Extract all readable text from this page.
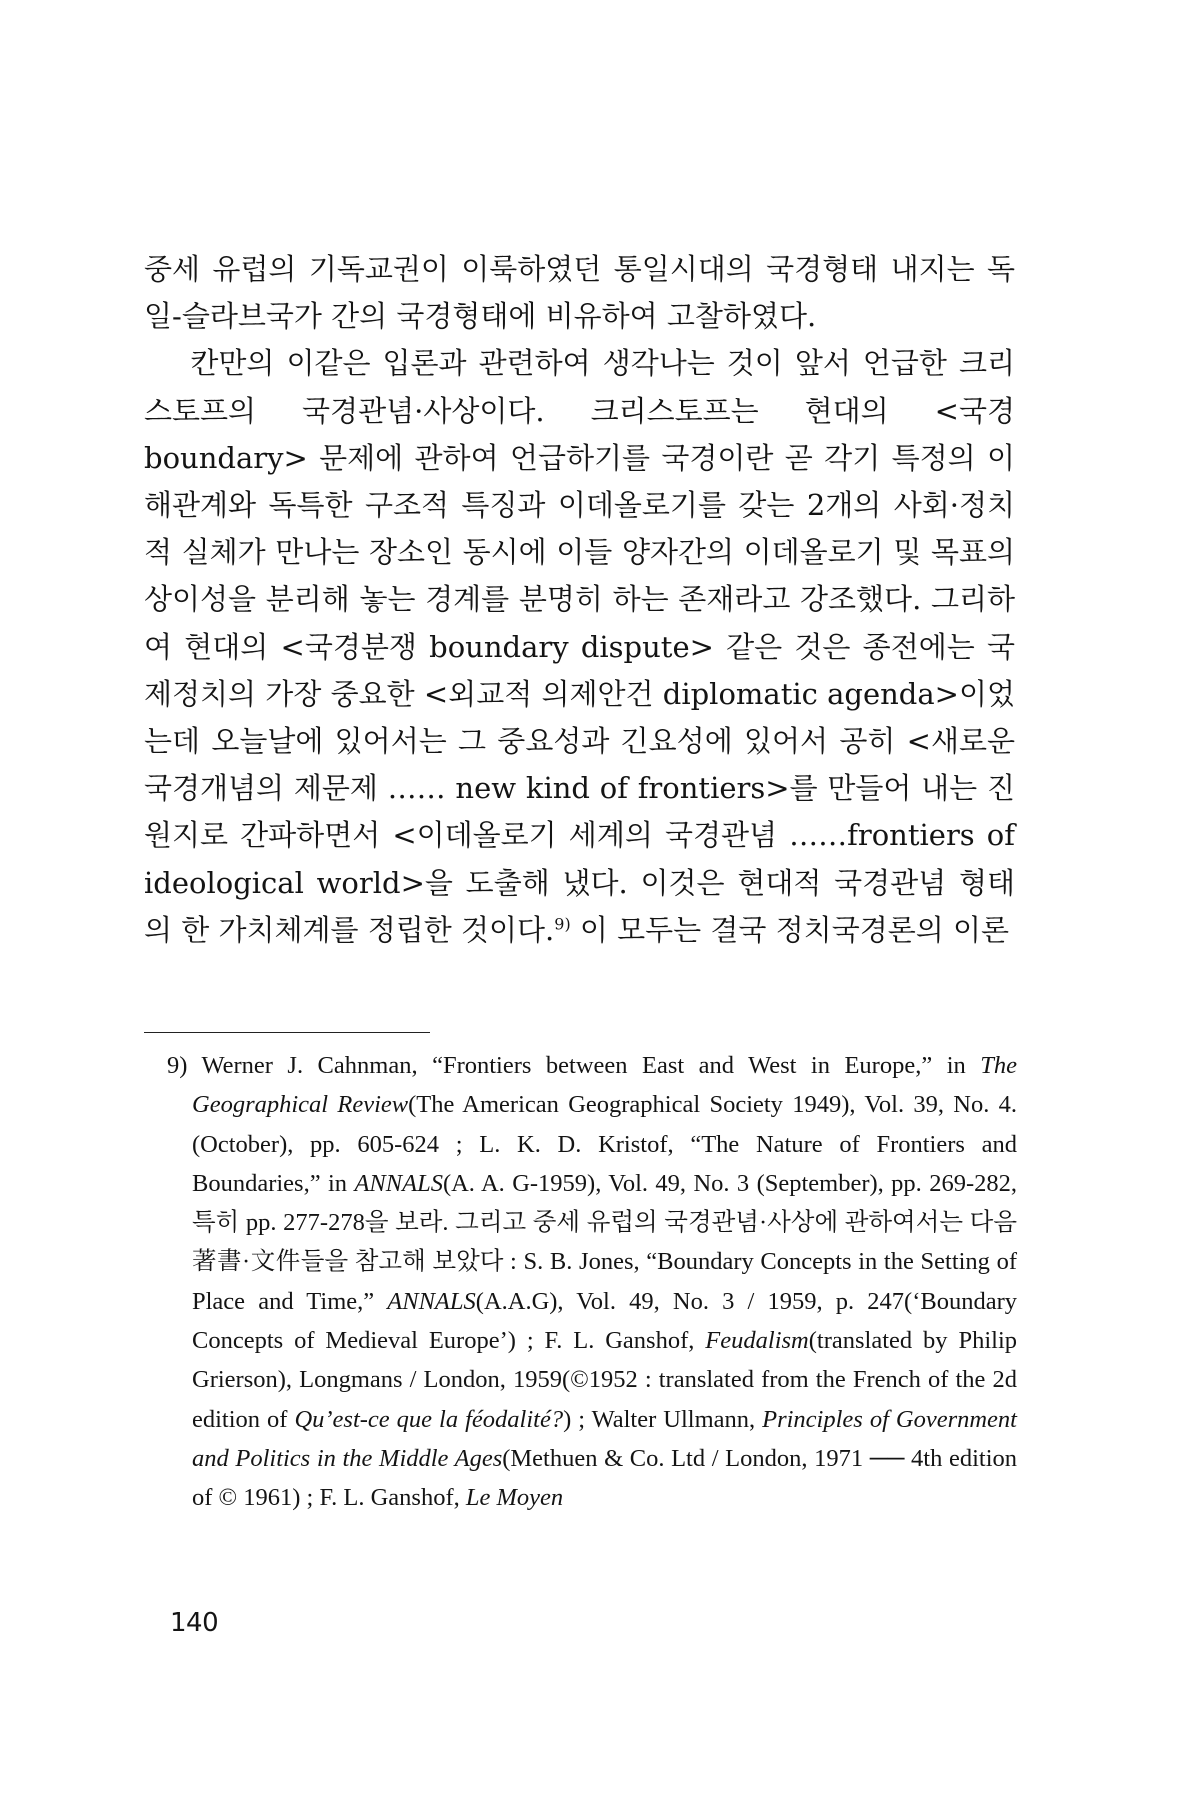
중세 유럽의 기독교권이 이룩하였던 통일시대의 국경형태 내지는 독일-슬라브국가 간의 국경형태에 비유하여 고찰하였다.

칸만의 이같은 입론과 관련하여 생각나는 것이 앞서 언급한 크리스토프의 국경관념·사상이다. 크리스토프는 현대의 <국경 boundary> 문제에 관하여 언급하기를 국경이란 곧 각기 특정의 이해관계와 독특한 구조적 특징과 이데올로기를 갖는 2개의 사회·정치적 실체가 만나는 장소인 동시에 이들 양자간의 이데올로기 및 목표의 상이성을 분리해 놓는 경계를 분명히 하는 존재라고 강조했다. 그리하여 현대의 <국경분쟁 boundary dispute> 같은 것은 종전에는 국제정치의 가장 중요한 <외교적 의제안건 diplomatic agenda>이었는데 오늘날에 있어서는 그 중요성과 긴요성에 있어서 공히 <새로운 국경개념의 제문제 …… new kind of frontiers>를 만들어 내는 진원지로 간파하면서 <이데올로기 세계의 국경관념 ……frontiers of ideological world>을 도출해 냈다. 이것은 현대적 국경관념 형태의 한 가치체계를 정립한 것이다.$^{9)}$ 이 모두는 결국 정치국경론의 이론

9) Werner J. Cahnman, “Frontiers between East and West in Europe,” in The Geographical Review(The American Geographical Society 1949), Vol. 39, No. 4. (October), pp. 605-624 ; L. K. D. Kristof, “The Nature of Frontiers and Boundaries,” in ANNALS(A. A. G-1959), Vol. 49, No. 3 (September), pp. 269-282, 특히 pp. 277-278을 보라. 그리고 중세 유럽의 국경관념·사상에 관하여서는 다음 著書·文件들을 참고해 보았다 : S. B. Jones, “Boundary Concepts in the Setting of Place and Time,” ANNALS(A.A.G), Vol. 49, No. 3 / 1959, p. 247(‘Boundary Concepts of Medieval Europe’) ; F. L. Ganshof, Feudalism(translated by Philip Grierson), Longmans / London, 1959(©1952 : translated from the French of the 2d edition of Qu’est-ce que la féodalité?) ; Walter Ullmann, Principles of Government and Politics in the Middle Ages(Methuen & Co. Ltd / London, 1971 ── 4th edition of © 1961) ; F. L. Ganshof, Le Moyen
140
